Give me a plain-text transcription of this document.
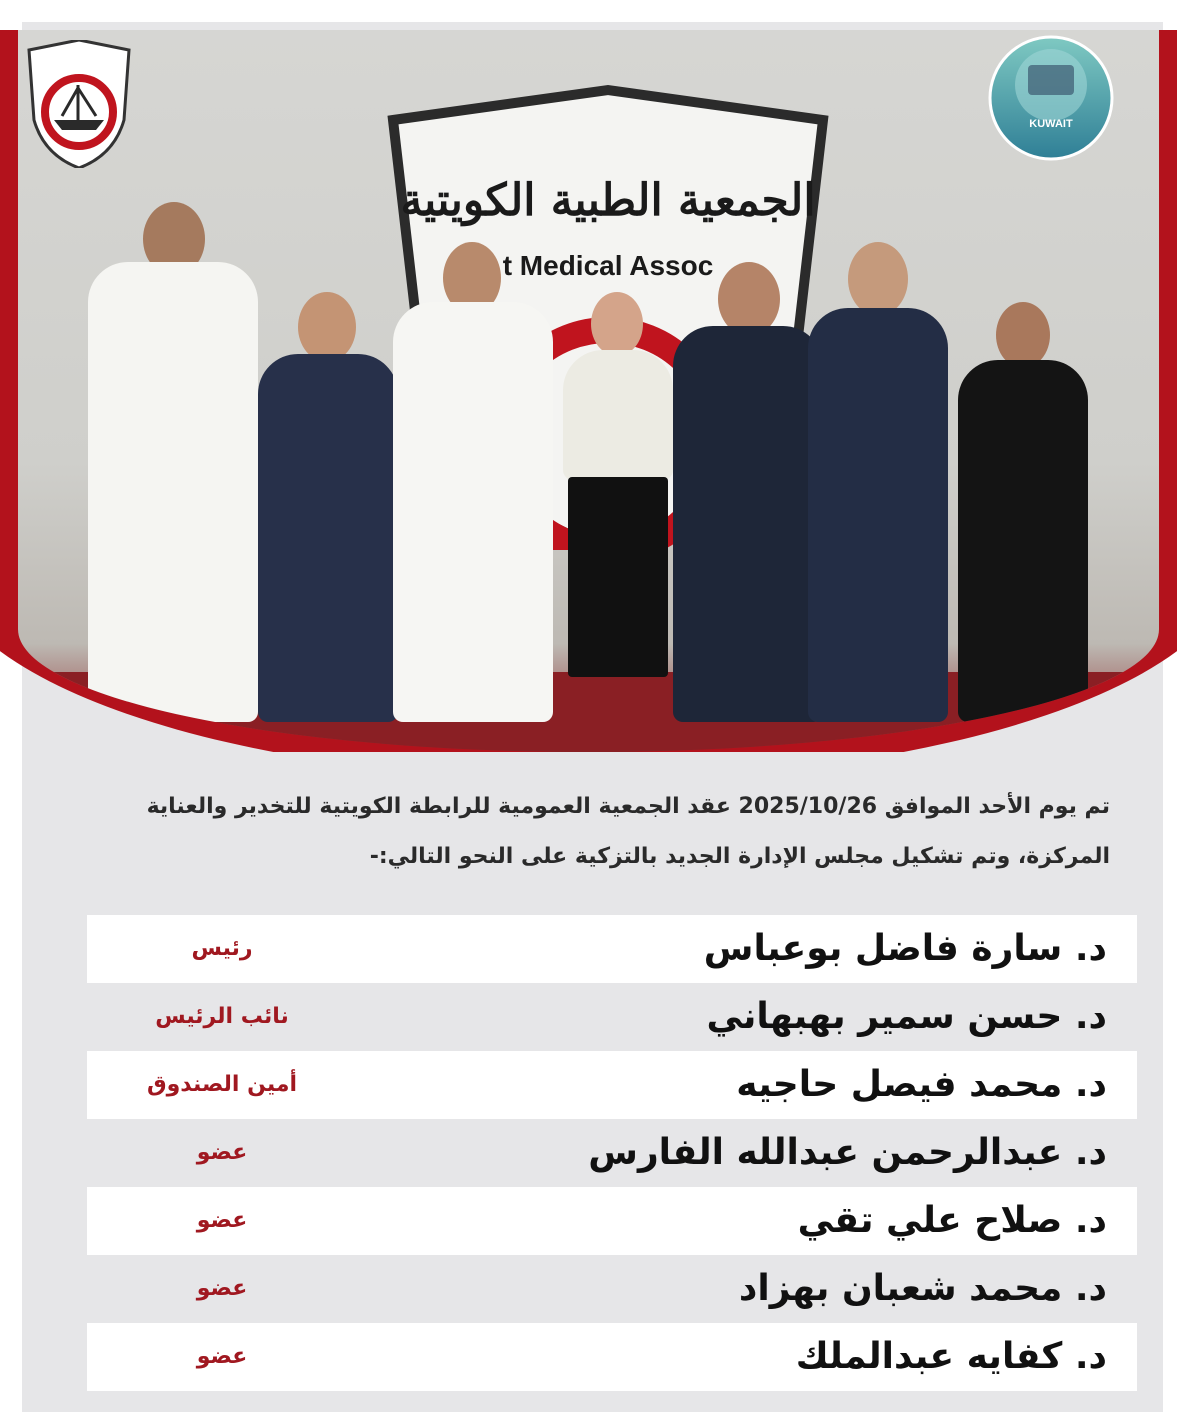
الجمعية الطبية الكويتية
t Medical Assoc
KUWAIT
تم يوم الأحد الموافق 2025/10/26 عقد الجمعية العمومية للرابطة الكويتية للتخدير والعناية
المركزة، وتم تشكيل مجلس الإدارة الجديد بالتزكية على النحو التالي:-
د. سارة فاضل بوعباس
رئيس
د. حسن سمير بهبهاني
نائب الرئيس
د. محمد فيصل حاجيه
أمين الصندوق
د. عبدالرحمن عبدالله الفارس
عضو
د. صلاح علي تقي
عضو
د. محمد شعبان بهزاد
عضو
د. كفايه عبدالملك
عضو
